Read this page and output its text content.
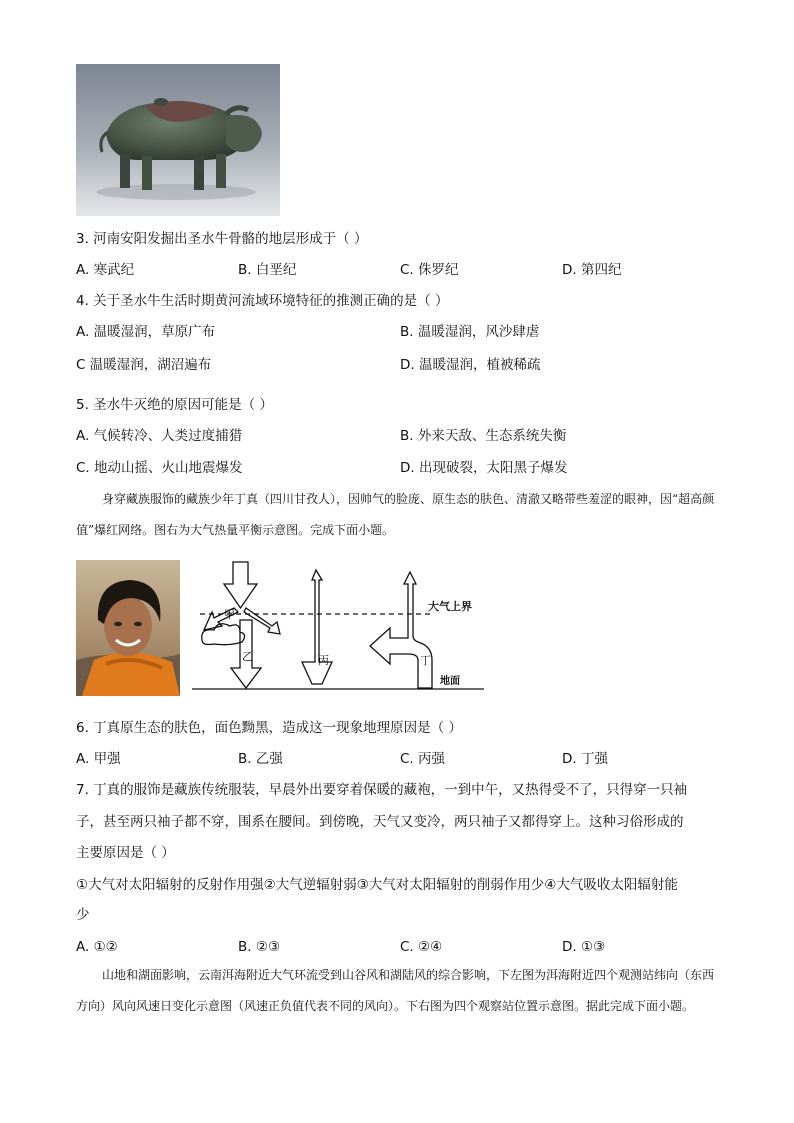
3. 河南安阳发掘出圣水牛骨骼的地层形成于（ ）
A. 寒武纪	B. 白垩纪	C. 侏罗纪	D. 第四纪
4. 关于圣水牛生活时期黄河流域环境特征的推测正确的是（ ）
A. 温暖湿润，草原广布	B. 温暖湿润，风沙肆虐
C 温暖湿润，湖沼遍布	D. 温暖湿润，植被稀疏
5. 圣水牛灭绝的原因可能是（ ）
A. 气候转冷、人类过度捕猎	B. 外来天敌、生态系统失衡
C. 地动山摇、火山地震爆发	D. 出现破裂，太阳黑子爆发
身穿藏族服饰的藏族少年丁真（四川甘孜人），因帅气的脸庞、原生态的肤色、清澈又略带些羞涩的眼神，因“超高颜值”爆红网络。图右为大气热量平衡示意图。完成下面小题。
甲
乙	丙	丁
大气上界
地面
6. 丁真原生态的肤色，面色黝黑，造成这一现象地理原因是（ ）
A. 甲强	B. 乙强	C. 丙强	D. 丁强
7. 丁真的服饰是藏族传统服装，早晨外出要穿着保暖的藏袍，一到中午，又热得受不了，只得穿一只袖
子，甚至两只袖子都不穿，围系在腰间。到傍晚，天气又变冷，两只袖子又都得穿上。这种习俗形成的
主要原因是（ ）
①大气对太阳辐射的反射作用强②大气逆辐射弱③大气对太阳辐射的削弱作用少④大气吸收太阳辐射能
少
A. ①②	B. ②③	C. ②④	D. ①③
山地和湖面影响，云南洱海附近大气环流受到山谷风和湖陆风的综合影响，下左图为洱海附近四个观测站纬向（东西方向）风向风速日变化示意图（风速正负值代表不同的风向）。下右图为四个观察站位置示意图。据此完成下面小题。
